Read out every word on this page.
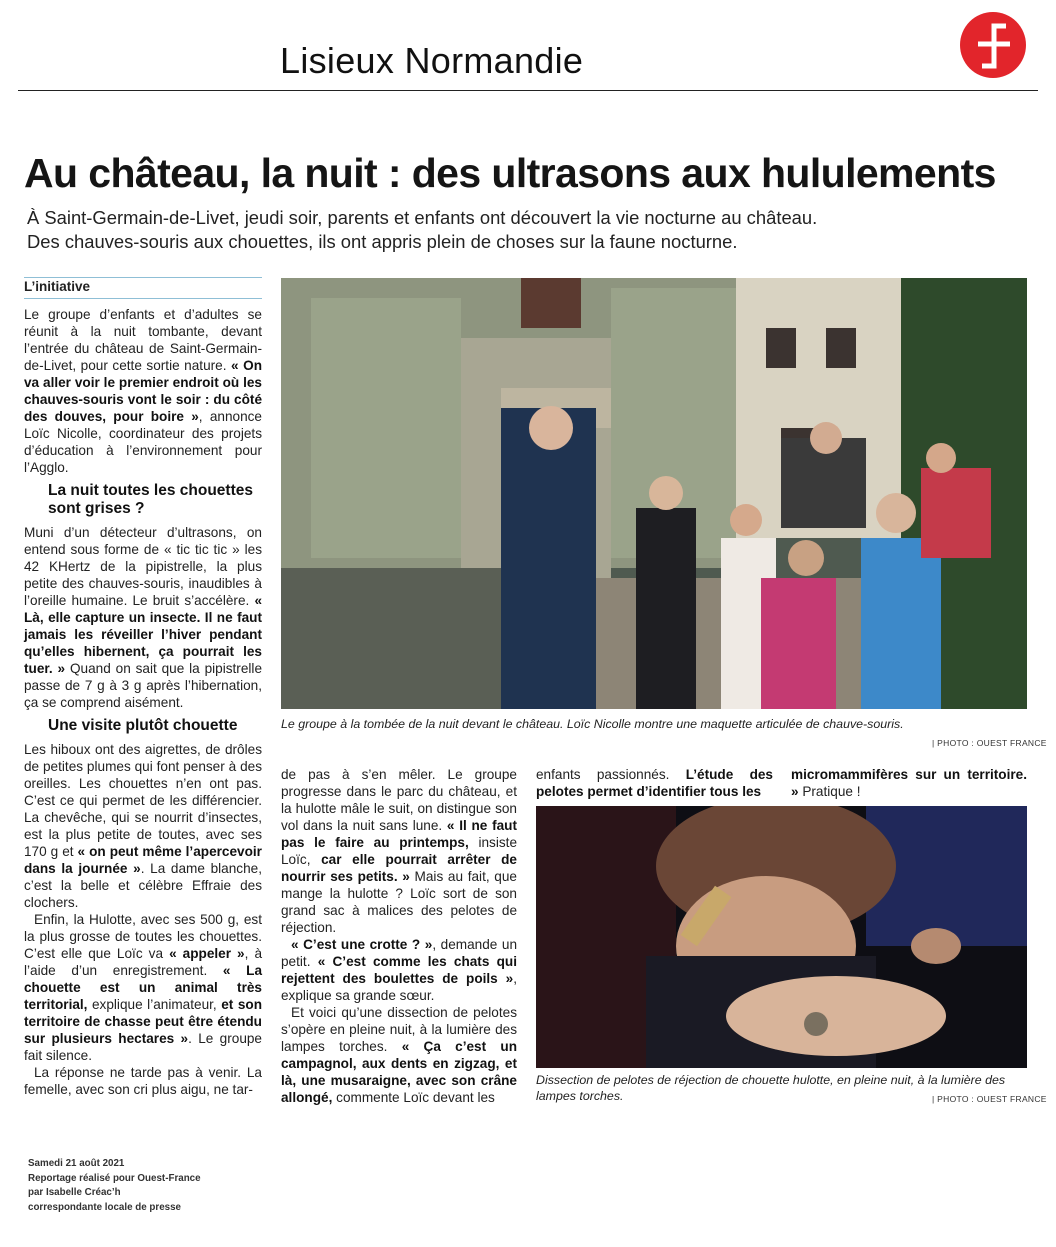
Lisieux Normandie
Au château, la nuit : des ultrasons aux hululements
À Saint-Germain-de-Livet, jeudi soir, parents et enfants ont découvert la vie nocturne au château.
Des chauves-souris aux chouettes, ils ont appris plein de choses sur la faune nocturne.
L’initiative

Le groupe d’enfants et d’adultes se réunit à la nuit tombante, devant l’entrée du château de Saint-Germain-de-Livet, pour cette sortie nature. « On va aller voir le premier endroit où les chauves-souris vont le soir : du côté des douves, pour boire », annonce Loïc Nicolle, coordinateur des projets d’éducation à l’environnement pour l’Agglo.

La nuit toutes les chouettes sont grises ?

Muni d’un détecteur d’ultrasons, on entend sous forme de « tic tic tic » les 42 KHertz de la pipistrelle, la plus petite des chauves-souris, inaudibles à l’oreille humaine. Le bruit s’accélère. « Là, elle capture un insecte. Il ne faut jamais les réveiller l’hiver pendant qu’elles hibernent, ça pourrait les tuer. » Quand on sait que la pipistrelle passe de 7 g à 3 g après l’hibernation, ça se comprend aisément.

Une visite plutôt chouette

Les hiboux ont des aigrettes, de drôles de petites plumes qui font penser à des oreilles. Les chouettes n’en ont pas. C’est ce qui permet de les différencier. La chevêche, qui se nourrit d’insectes, est la plus petite de toutes, avec ses 170 g et « on peut même l’apercevoir dans la journée ». La dame blanche, c’est la belle et célèbre Effraie des clochers.

Enfin, la Hulotte, avec ses 500 g, est la plus grosse de toutes les chouettes. C’est elle que Loïc va « appeler », à l’aide d’un enregistrement. « La chouette est un animal très territorial, explique l’animateur, et son territoire de chasse peut être étendu sur plusieurs hectares ». Le groupe fait silence.

La réponse ne tarde pas à venir. La femelle, avec son cri plus aigu, ne tar-

Le groupe à la tombée de la nuit devant le château. Loïc Nicolle montre une maquette articulée de chauve-souris.
| PHOTO : OUEST FRANCE

de pas à s’en mêler. Le groupe progresse dans le parc du château, et la hulotte mâle le suit, on distingue son vol dans la nuit sans lune. « Il ne faut pas le faire au printemps, insiste Loïc, car elle pourrait arrêter de nourrir ses petits. » Mais au fait, que mange la hulotte ? Loïc sort de son grand sac à malices des pelotes de réjection.

« C’est une crotte ? », demande un petit. « C’est comme les chats qui rejettent des boulettes de poils », explique sa grande sœur.

Et voici qu’une dissection de pelotes s’opère en pleine nuit, à la lumière des lampes torches. « Ça c’est un campagnol, aux dents en zigzag, et là, une musaraigne, avec son crâne allongé, commente Loïc devant les

enfants passionnés. L’étude des pelotes permet d’identifier tous les

micromammifères sur un territoire. » Pratique !

Dissection de pelotes de réjection de chouette hulotte, en pleine nuit, à la lumière des lampes torches.	| PHOTO : OUEST FRANCE
Samedi 21 août 2021
Reportage réalisé pour Ouest-France
par Isabelle Créac’h
correspondante locale de presse
